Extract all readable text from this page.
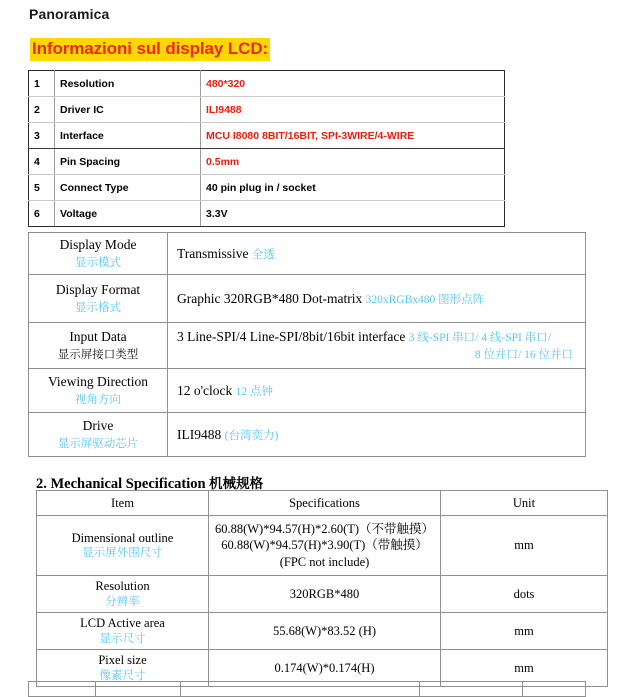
Panoramica
Informazioni sul display LCD:
1	Resolution	480*320
2	Driver IC	ILI9488
3	Interface	MCU I8080 8BIT/16BIT, SPI-3WIRE/4-WIRE
4	Pin Spacing	0.5mm
5	Connect Type	40 pin plug in / socket
6	Voltage	3.3V
Display Mode
显示模式	Transmissive 全透
Display Format
显示格式	Graphic 320RGB*480 Dot-matrix 320xRGBx480 图形点阵
Input Data
显示屏接口类型	3 Line-SPI/4 Line-SPI/8bit/16bit interface 3 线-SPI 串口/ 4 线-SPI 串口/
8 位并口/ 16 位并口

Viewing Direction
视角方向	12 o'clock 12 点钟
Drive
显示屏驱动芯片	ILI9488 (台湾奕力)
2. Mechanical Specification 机械规格
Item	Specifications	Unit

Dimensional outline
显示屏外围尺寸	60.88(W)*94.57(H)*2.60(T)（不带触摸）
60.88(W)*94.57(H)*3.90(T)（带触摸）
(FPC not include)	mm

Resolution
分辨率	320RGB*480	dots

LCD Active area
显示尺寸	55.68(W)*83.52 (H)	mm

Pixel size
像素尺寸	0.174(W)*0.174(H)	mm
